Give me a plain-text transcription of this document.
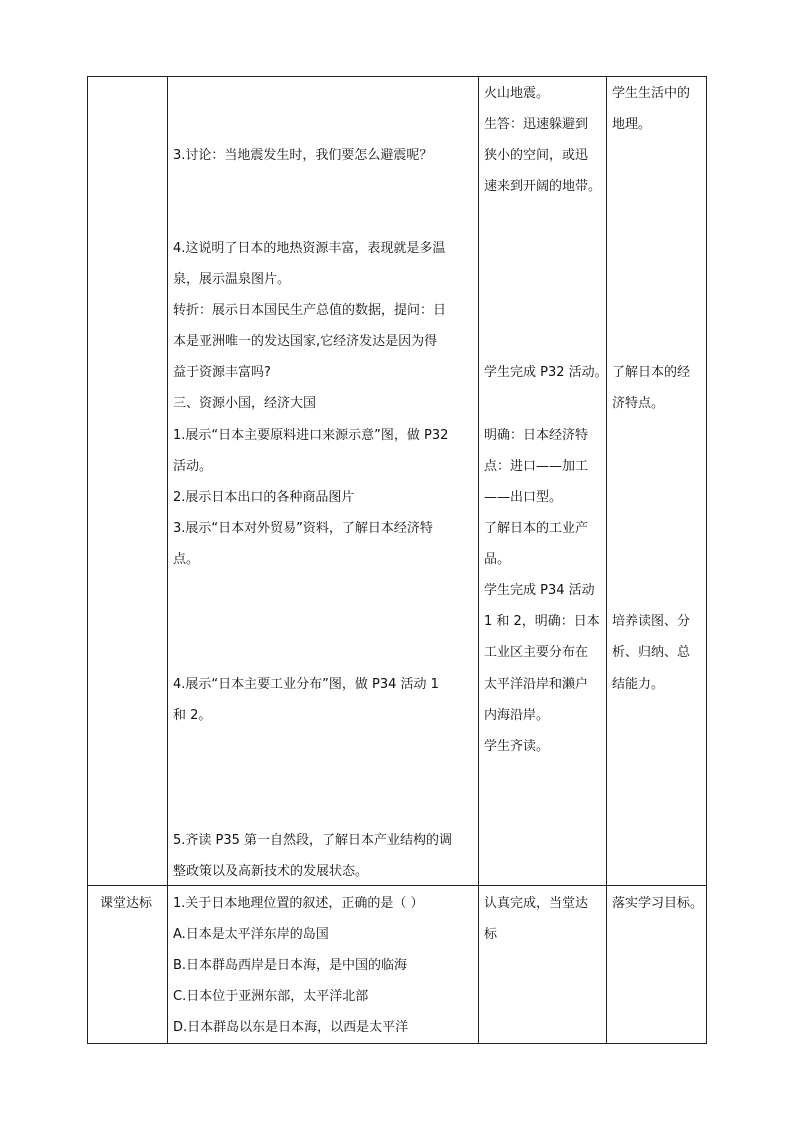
3.讨论：当地震发生时，我们要怎么避震呢？
4.这说明了日本的地热资源丰富，表现就是多温
泉，展示温泉图片。
转折：展示日本国民生产总值的数据，提问：日
本是亚洲唯一的发达国家,它经济发达是因为得
益于资源丰富吗?
三、资源小国，经济大国
1.展示“日本主要原料进口来源示意”图，做 P32
活动。
2.展示日本出口的各种商品图片
3.展示“日本对外贸易”资料，了解日本经济特
点。
4.展示“日本主要工业分布”图，做 P34 活动 1
和 2。
5.齐读 P35 第一自然段，了解日本产业结构的调
整政策以及高新技术的发展状态。
火山地震。
生答：迅速躲避到
狭小的空间，或迅
速来到开阔的地带。
学生完成 P32 活动。
明确：日本经济特
点：进口——加工
——出口型。
了解日本的工业产
品。
学生完成 P34 活动
1 和 2，明确：日本
工业区主要分布在
太平洋沿岸和濑户
内海沿岸。
学生齐读。
学生生活中的
地理。
了解日本的经
济特点。
培养读图、分
析、归纳、总
结能力。
课堂达标 1.关于日本地理位置的叙述，正确的是（ ）
A.日本是太平洋东岸的岛国
B.日本群岛西岸是日本海，是中国的临海
C.日本位于亚洲东部，太平洋北部
D.日本群岛以东是日本海，以西是太平洋
认真完成，当堂达
标
落实学习目标。
